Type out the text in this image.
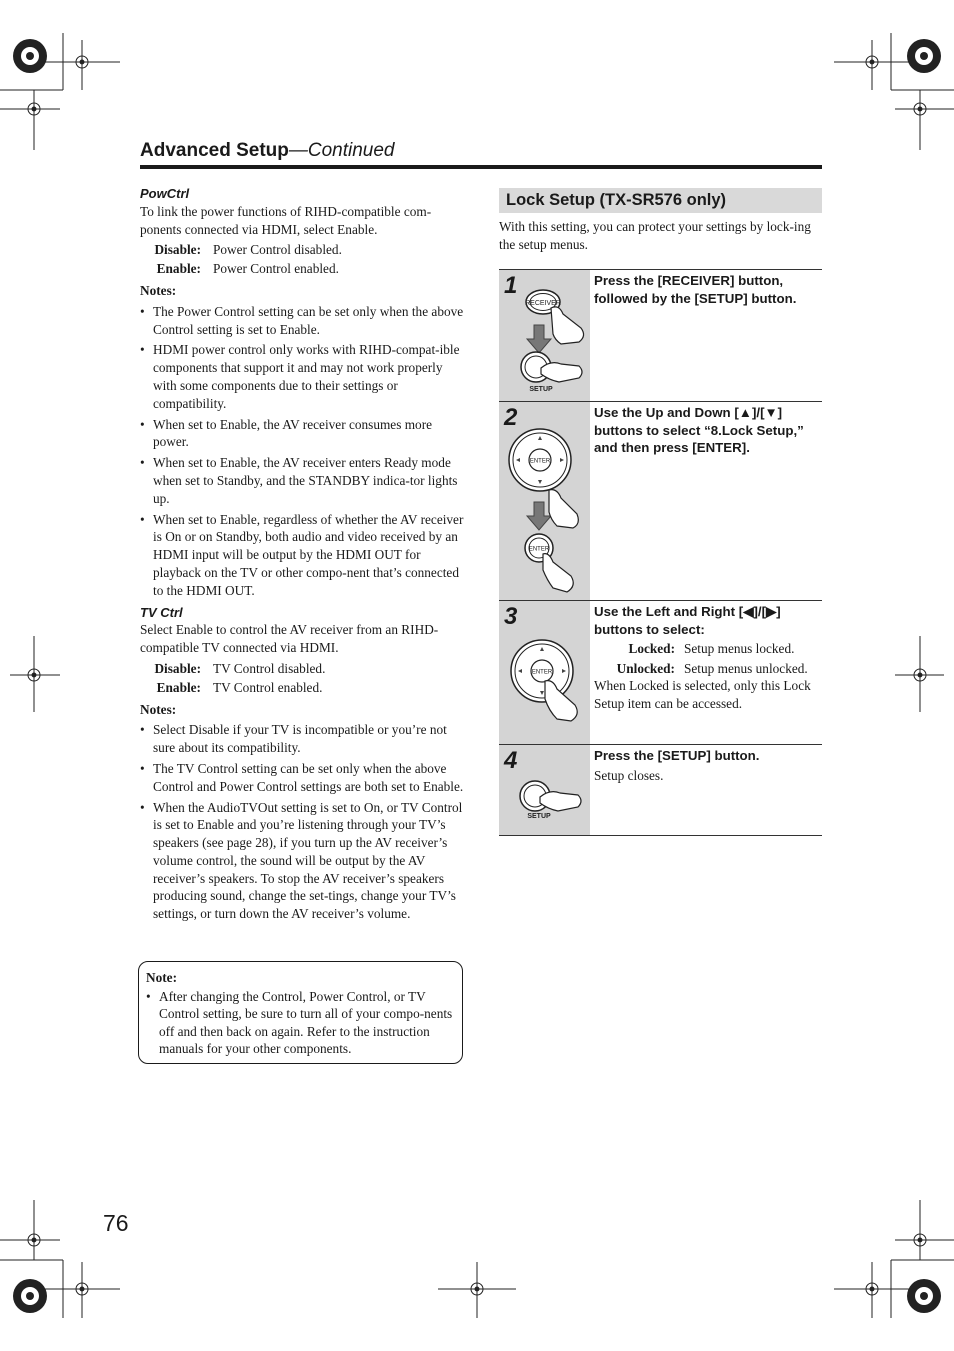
Advanced Setup—Continued
PowCtrl

To link the power functions of RIHD-compatible com-ponents connected via HDMI, select Enable.

Disable: Power Control disabled.
Enable: Power Control enabled.
Notes:
• The Power Control setting can be set only when the above Control setting is set to Enable.
• HDMI power control only works with RIHD-compat-ible components that support it and may not work properly with some components due to their settings or compatibility.
• When set to Enable, the AV receiver consumes more power.
• When set to Enable, the AV receiver enters Ready mode when set to Standby, and the STANDBY indica-tor lights up.
• When set to Enable, regardless of whether the AV receiver is On or on Standby, both audio and video received by an HDMI input will be output by the HDMI OUT for playback on the TV or other compo-nent that’s connected to the HDMI OUT.
TV Ctrl

Select Enable to control the AV receiver from an RIHD-compatible TV connected via HDMI.

Disable: TV Control disabled.
Enable: TV Control enabled.
Notes:
• Select Disable if your TV is incompatible or you’re not sure about its compatibility.
• The TV Control setting can be set only when the above Control and Power Control settings are both set to Enable.
• When the AudioTVOut setting is set to On, or TV Control is set to Enable and you’re listening through your TV’s speakers (see page 28), if you turn up the AV receiver’s volume control, the sound will be output by the AV receiver’s speakers. To stop the AV receiver’s speakers producing sound, change the set-tings, change your TV’s settings, or turn down the AV receiver’s volume.
Note:
• After changing the Control, Power Control, or TV Control setting, be sure to turn all of your compo-nents off and then back on again. Refer to the instruction manuals for your other components.
Lock Setup (TX-SR576 only)
With this setting, you can protect your settings by lock-ing the setup menus.
1
RECEIVER
SETUP
Press the [RECEIVER] button, followed by the [SETUP] button.
2
ENTER
ENTER
Use the Up and Down [▲]/[▼] buttons to select “8.Lock Setup,” and then press [ENTER].
3
ENTER
Use the Left and Right [◀]/[▶] buttons to select:
Locked: Setup menus locked.
Unlocked: Setup menus unlocked.
When Locked is selected, only this Lock Setup item can be accessed.
4
SETUP
Press the [SETUP] button.
Setup closes.
76
